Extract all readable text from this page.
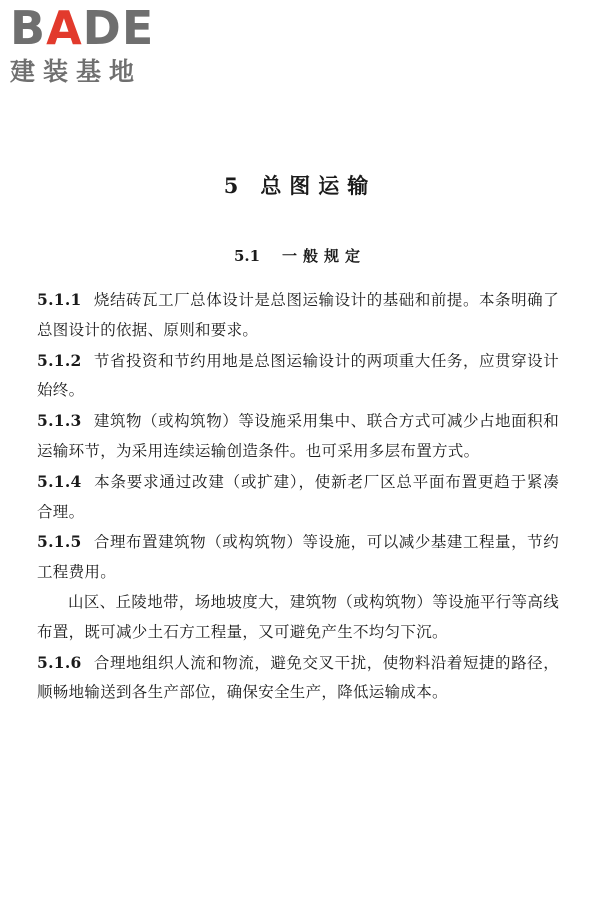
BADE
建装基地
5 总图运输
5.1 一般规定

5.1.1 烧结砖瓦工厂总体设计是总图运输设计的基础和前提。本条明确了总图设计的依据、原则和要求。

5.1.2 节省投资和节约用地是总图运输设计的两项重大任务，应贯穿设计始终。

5.1.3 建筑物（或构筑物）等设施采用集中、联合方式可减少占地面积和运输环节，为采用连续运输创造条件。也可采用多层布置方式。

5.1.4 本条要求通过改建（或扩建），使新老厂区总平面布置更趋于紧凑合理。

5.1.5 合理布置建筑物（或构筑物）等设施，可以减少基建工程量，节约工程费用。

山区、丘陵地带，场地坡度大，建筑物（或构筑物）等设施平行等高线布置，既可减少土石方工程量，又可避免产生不均匀下沉。

5.1.6 合理地组织人流和物流，避免交叉干扰，使物料沿着短捷的路径，顺畅地输送到各生产部位，确保安全生产，降低运输成本。
